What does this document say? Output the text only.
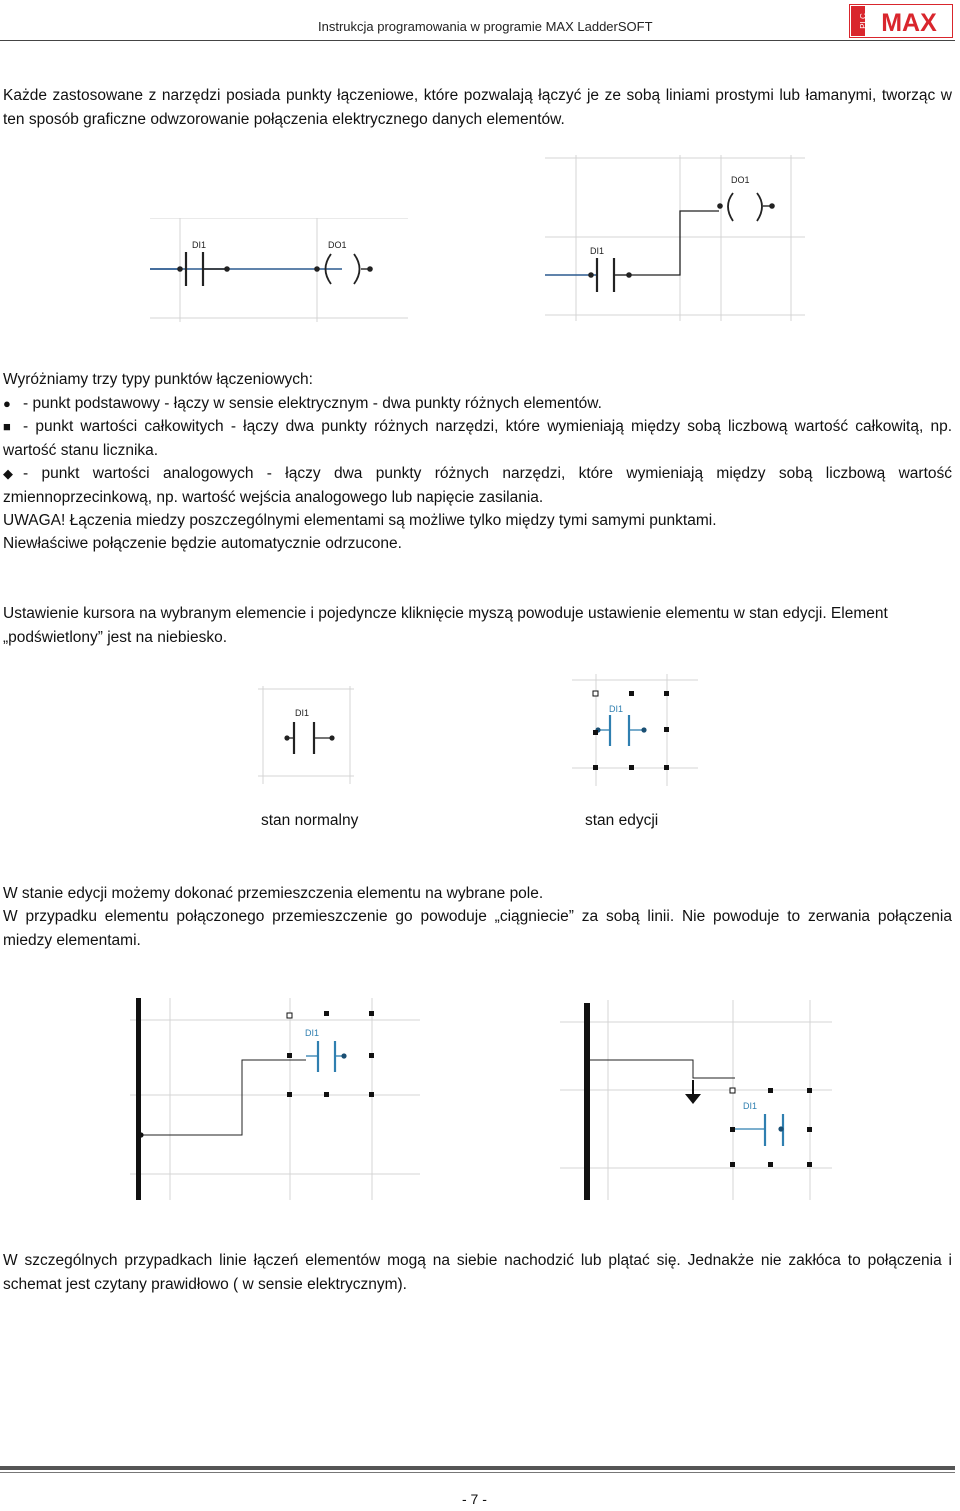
Instrukcja programowania w programie MAX LadderSOFT	PLC MAX
Każde zastosowane z narzędzi posiada punkty łączeniowe, które pozwalają łączyć je ze sobą liniami prostymi lub łamanymi, tworząc w ten sposób graficzne odwzorowanie połączenia elektrycznego danych elementów.
DI1	DO1
DI1
DO1
Wyróżniamy trzy typy punktów łączeniowych:
● - punkt podstawowy - łączy w sensie elektrycznym - dwa punkty różnych elementów.
■ - punkt wartości całkowitych - łączy dwa punkty różnych narzędzi, które wymieniają między sobą liczbową wartość całkowitą, np. wartość stanu licznika.
◆ - punkt wartości analogowych - łączy dwa punkty różnych narzędzi, które wymieniają między sobą liczbową wartość zmiennoprzecinkową, np. wartość wejścia analogowego lub napięcie zasilania.
UWAGA! Łączenia miedzy poszczególnymi elementami są możliwe tylko między tymi samymi punktami.
Niewłaściwe połączenie będzie automatycznie odrzucone.
Ustawienie kursora na wybranym elemencie i pojedyncze kliknięcie myszą powoduje ustawienie elementu w stan edycji. Element „podświetlony” jest na niebiesko.
DI1	DI1
stan normalny	stan edycji
W stanie edycji możemy dokonać przemieszczenia elementu na wybrane pole.
W przypadku elementu połączonego przemieszczenie go powoduje „ciągniecie” za sobą linii. Nie powoduje to zerwania połączenia miedzy elementami.
DI1
DI1
W szczególnych przypadkach linie łączeń elementów mogą na siebie nachodzić lub plątać się. Jednakże nie zakłóca to połączenia i schemat jest czytany prawidłowo ( w sensie elektrycznym).
- 7 -
